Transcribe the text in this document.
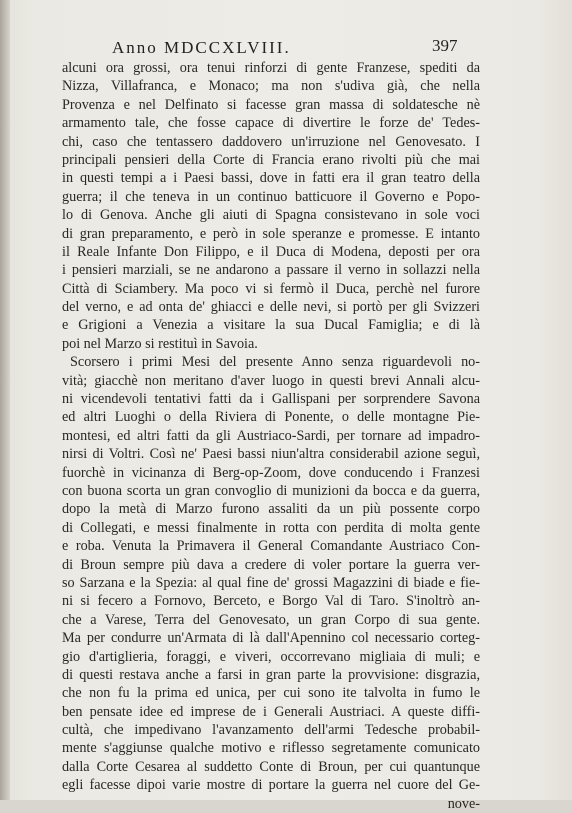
Anno MDCCXLVIII.	397
alcuni ora grossi, ora tenui rinforzi di gente Franzese, spediti da
Nizza, Villafranca, e Monaco; ma non s'udiva già, che nella
Provenza e nel Delfinato si facesse gran massa di soldatesche nè
armamento tale, che fosse capace di divertire le forze de' Tedes-
chi, caso che tentassero daddovero un'irruzione nel Genovesato. I
principali pensieri della Corte di Francia erano rivolti più che mai
in questi tempi a i Paesi bassi, dove in fatti era il gran teatro della
guerra; il che teneva in un continuo batticuore il Governo e Popo-
lo di Genova. Anche gli aiuti di Spagna consistevano in sole voci
di gran preparamento, e però in sole speranze e promesse. E intanto
il Reale Infante Don Filippo, e il Duca di Modena, deposti per ora
i pensieri marziali, se ne andarono a passare il verno in sollazzi nella
Città di Sciambery. Ma poco vi si fermò il Duca, perchè nel furore
del verno, e ad onta de' ghiacci e delle nevi, si portò per gli Svizzeri
e Grigioni a Venezia a visitare la sua Ducal Famiglia; e di là
poi nel Marzo si restituì in Savoia.
Scorsero i primi Mesi del presente Anno senza riguardevoli no-
vità; giacchè non meritano d'aver luogo in questi brevi Annali alcu-
ni vicendevoli tentativi fatti da i Gallispani per sorprendere Savona
ed altri Luoghi o della Riviera di Ponente, o delle montagne Pie-
montesi, ed altri fatti da gli Austriaco-Sardi, per tornare ad impadro-
nirsi di Voltri. Così ne' Paesi bassi niun'altra considerabil azione seguì,
fuorchè in vicinanza di Berg-op-Zoom, dove conducendo i Franzesi
con buona scorta un gran convoglio di munizioni da bocca e da guerra,
dopo la metà di Marzo furono assaliti da un più possente corpo
di Collegati, e messi finalmente in rotta con perdita di molta gente
e roba. Venuta la Primavera il General Comandante Austriaco Con-
di Broun sempre più dava a credere di voler portare la guerra ver-
so Sarzana e la Spezia: al qual fine de' grossi Magazzini di biade e fie-
ni si fecero a Fornovo, Berceto, e Borgo Val di Taro. S'inoltrò an-
che a Varese, Terra del Genovesato, un gran Corpo di sua gente.
Ma per condurre un'Armata di là dall'Apennino col necessario corteg-
gio d'artiglieria, foraggi, e viveri, occorrevano migliaia di muli; e
di questi restava anche a farsi in gran parte la provvisione: disgrazia,
che non fu la prima ed unica, per cui sono ite talvolta in fumo le
ben pensate idee ed imprese de i Generali Austriaci. A queste diffi-
cultà, che impedivano l'avanzamento dell'armi Tedesche probabil-
mente s'aggiunse qualche motivo e riflesso segretamente comunicato
dalla Corte Cesarea al suddetto Conte di Broun, per cui quantunque
egli facesse dipoi varie mostre di portare la guerra nel cuore del Ge-
nove-
